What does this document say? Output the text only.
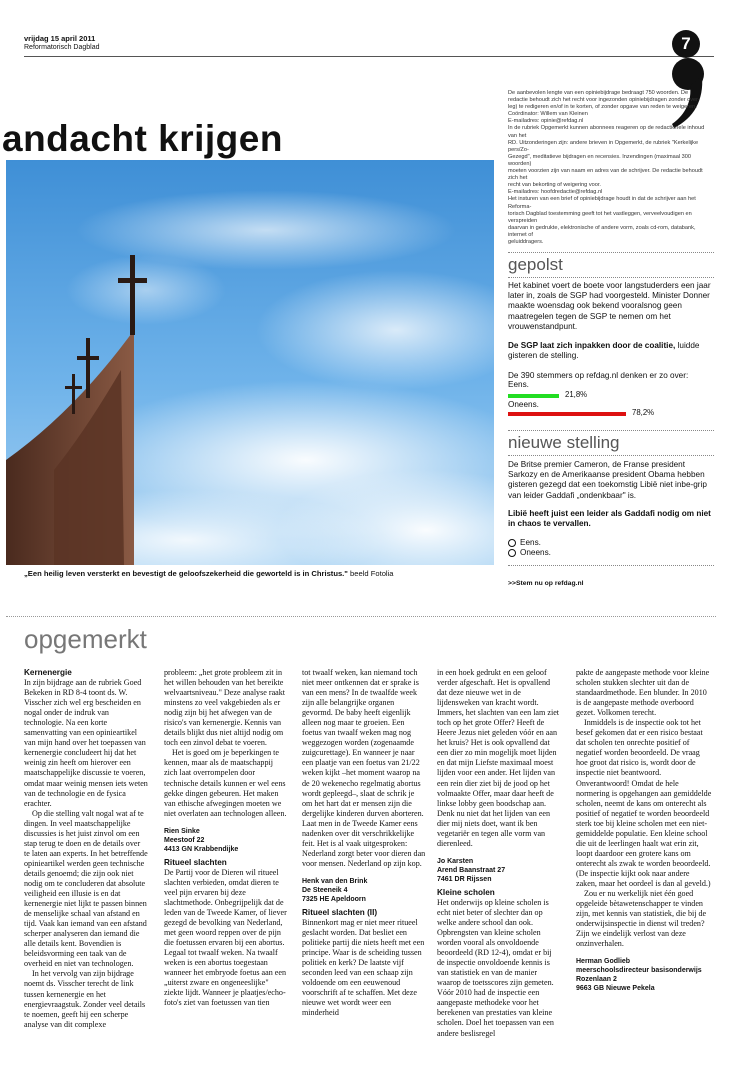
vrijdag 15 april 2011
Reformatorisch Dagblad	7
andacht krijgen
„Een heilig leven versterkt en bevestigt de geloofszekerheid die geworteld is in Christus." beeld Fotolia

De aanbevolen lengte van een opiniebijdrage bedraagt 750 woorden. De

redactie behoudt zich het recht voor ingezonden opiniebijdragen zonder over-

leg) te redigeren en/of in te korten, of zonder opgave van reden te weigeren.

Coördinator: Willem van Kleinen

E-mailadres: opinie@refdag.nl

In de rubriek Opgemerkt kunnen abonnees reageren op de redactionele inhoud van het

RD. Uitzonderingen zijn: andere brieven in Opgemerkt, de rubriek "Kerkelijke pers/Zo-

Gezegd", meditatieve bijdragen en recensies. Inzendingen (maximaal 300 woorden)

moeten voorzien zijn van naam en adres van de schrijver. De redactie behoudt zich het

recht van bekorting of weigering voor.

E-mailadres: hoofdredactie@refdag.nl

Het insturen van een brief of opiniebijdrage houdt in dat de schrijver aan het Reforma-

torisch Dagblad toestemming geeft tot het vastleggen, verveelvoudigen en verspreiden

daarvan in gedrukte, elektronische of andere vorm, zoals cd-rom, databank, internet of

geluiddragers.

gepolst
Het kabinet voert de boete voor langstuderders een jaar later in, zoals de SGP had voorgesteld. Minister Donner maakte woensdag ook bekend vooralsnog geen maatregelen tegen de SGP te nemen om het vrouwenstandpunt.
De SGP laat zich inpakken door de coalitie, luidde gisteren de stelling.
De 390 stemmers op refdag.nl denken er zo over:
Eens.
21,8%
Oneens.
78,2%
nieuwe stelling
De Britse premier Cameron, de Franse president Sarkozy en de Amerikaanse president Obama hebben gisteren gezegd dat een toekomstig Libië niet inbe-grip van leider Gaddafi „ondenkbaar" is.
Libië heeft juist een leider als Gaddafi nodig om niet in chaos te vervallen.
Eens.
Oneens.
>>Stem nu op refdag.nl
opgemerkt
Kernenergie

In zijn bijdrage aan de rubriek Goed Bekeken in RD 8-4 toont ds. W. Visscher zich wel erg bescheiden en nogal onder de indruk van technologie. Na een korte samenvatting van een opinieartikel van mijn hand over het toepassen van kernenergie concludeert hij dat het weinig zin heeft om hierover een maatschappelijke discussie te voeren, omdat maar weinig mensen iets weten van de technologie en de fysica erachter.

Op die stelling valt nogal wat af te dingen. In veel maatschappelijke discussies is het juist zinvol om een stap terug te doen en de details over te laten aan experts. In het betreffende opinieartikel werden geen technische details genoemd; die zijn ook niet nodig om te concluderen dat absolute veiligheid een illusie is en dat kernenergie niet lijkt te passen binnen de menselijke schaal van afstand en tijd. Vaak kan iemand van een afstand scherper analyseren dan iemand die alle details kent. Bovendien is beleidsvorming een taak van de overheid en niet van technologen.

In het vervolg van zijn bijdrage noemt ds. Visscher terecht de link tussen kernenergie en het energievraagstuk. Zonder veel details te noemen, geeft hij een scherpe analyse van dit complexe

probleem: „het grote probleem zit in het willen behouden van het bereikte welvaartsniveau." Deze analyse raakt minstens zo veel vakgebieden als er nodig zijn bij het afwegen van de risico's van kernenergie. Kennis van details blijkt dus niet altijd nodig om toch een zinvol debat te voeren.

Het is goed om je beperkingen te kennen, maar als de maatschappij zich laat overrompelen door technische details kunnen er wel eens gekke dingen gebeuren. Het maken van ethische afwegingen moeten we niet overlaten aan technologen alleen.

Rien Sinke
Meestoof 22
4413 GN Krabbendijke
Ritueel slachten

De Partij voor de Dieren wil ritueel slachten verbieden, omdat dieren te veel pijn ervaren bij deze slachtmethode. Onbegrijpelijk dat de leden van de Tweede Kamer, of liever gezegd de bevolking van Nederland, met geen woord reppen over de pijn die foetussen ervaren bij een abortus. Legaal tot twaalf weken. Na twaalf weken is een abortus toegestaan wanneer het embryode foetus aan een „uiterst zware en ongeneeslijke" ziekte lijdt. Wanneer je plaatjes/echo-foto's ziet van foetussen van tien

tot twaalf weken, kan niemand toch niet meer ontkennen dat er sprake is van een mens? In de twaalfde week zijn alle belangrijke organen gevormd. De baby heeft eigenlijk alleen nog maar te groeien. Een foetus van twaalf weken mag nog weggezogen worden (zogenaamde zuigcurettage). En wanneer je naar een plaatje van een foetus van 21/22 weken kijkt –het moment waarop na de 20 wekenecho regelmatig abortus wordt gepleegd–, slaat de schrik je om het hart dat er mensen zijn die dergelijke kinderen durven aborteren. Laat men in de Tweede Kamer eens nadenken over dit verschrikkelijke feit. Het is al vaak uitgesproken: Nederland zorgt beter voor dieren dan voor mensen. Nederland op zijn kop.

Henk van den Brink
De Steeneik 4
7325 HE Apeldoorn
Ritueel slachten (II)

Binnenkort mag er niet meer ritueel geslacht worden. Dat besliet een politieke partij die niets heeft met een principe. Waar is de scheiding tussen politiek en kerk? De laatste vijf seconden leed van een schaap zijn voldoende om een eeuwenoud voorschrift af te schaffen. Met deze nieuwe wet wordt weer een minderheid

in een hoek gedrukt en een geloof verder afgeschaft. Het is opvallend dat deze nieuwe wet in de lijdensweken van kracht wordt. Immers, het slachten van een lam ziet toch op het grote Offer? Heeft de Heere Jezus niet geleden vóór en aan het kruis? Het is ook opvallend dat een dier zo min mogelijk moet lijden en dat mijn Liefste maximaal moest lijden voor een ander. Het lijden van een rein dier ziet bij de jood op het volmaakte Offer, maar daar heeft de linkse lobby geen boodschap aan. Denk nu niet dat het lijden van een dier mij niets doet, want ik ben vegetariër en tegen alle vorm van dierenleed.

Jo Karsten
Arend Baanstraat 27
7461 DR Rijssen
Kleine scholen

Het onderwijs op kleine scholen is echt niet beter of slechter dan op welke andere school dan ook. Opbrengsten van kleine scholen worden vooral als onvoldoende beoordeeld (RD 12-4), omdat er bij de inspectie onvoldoende kennis is van statistiek en van de manier waarop de toetsscores zijn gemeten. Vóór 2010 had de inspectie een aangepaste methodeke voor het berekenen van prestaties van kleine scholen. Doel het toepassen van een andere beslisregel

pakte de aangepaste methode voor kleine scholen stukken slechter uit dan de standaardmethode. Een blunder. In 2010 is de aangepaste methode overboord gezet. Volkomen terecht.

Inmiddels is de inspectie ook tot het besef gekomen dat er een risico bestaat dat scholen ten onrechte positief of negatief worden beoordeeld. De vraag hoe groot dat risico is, wordt door de inspectie niet beantwoord. Onverantwoord! Omdat de hele normering is opgehangen aan gemiddelde scholen, neemt de kans om onterecht als positief of negatief te worden beoordeeld sterk toe bij kleine scholen met een niet-gemiddelde populatie. Een kleine school die uit de leerlingen haalt wat erin zit, loopt daardoor een grotere kans om onterecht als zwak te worden beoordeeld. (De inspectie kijkt ook naar andere zaken, maar het oordeel is dan al geveld.)

Zou er nu werkelijk niet één goed opgeleide bètawetenschapper te vinden zijn, met kennis van statistiek, die bij de onderwijsinspectie in dienst wil treden? Zijn we eindelijk verlost van deze onzinverhalen.

Herman Godlieb
meerschoolsdirecteur basisonderwijs
Rozenlaan 2
9663 GB Nieuwe Pekela
